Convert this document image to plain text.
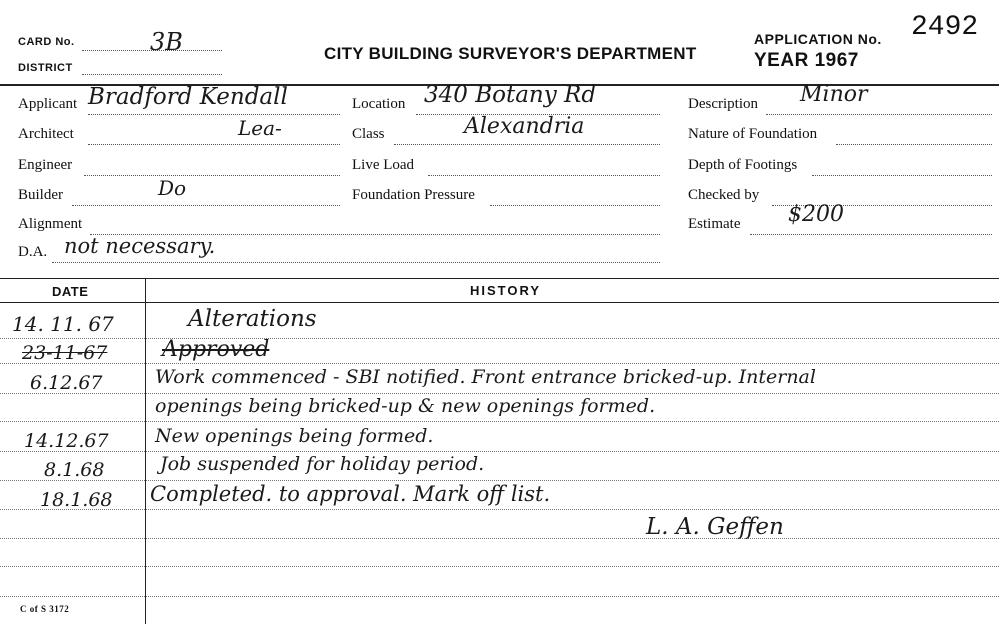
CARD No.	3B
DISTRICT
CITY BUILDING SURVEYOR'S DEPARTMENT
APPLICATION No. 2492
YEAR 1967
Applicant Bradford Kendall
Architect	Lea-
Engineer
Builder	Do
Alignment
D.A. not necessary.
Location 340 Botany Rd
Class	Alexandria
Live Load
Foundation Pressure
Description Minor
Nature of Foundation
Depth of Footings
Checked by
Estimate $200
DATE	HISTORY
14. 11. 67	Alterations
23-11-67 Approved
6.12.67	Work commenced - SBI notified. Front entrance bricked-up. Internal
openings being bricked-up & new openings formed.
14.12.67 New openings being formed.
8.1.68	Job suspended for holiday period.
18.1.68 Completed. to approval. Mark off list.
L. A. Geffen
C of S 3172
